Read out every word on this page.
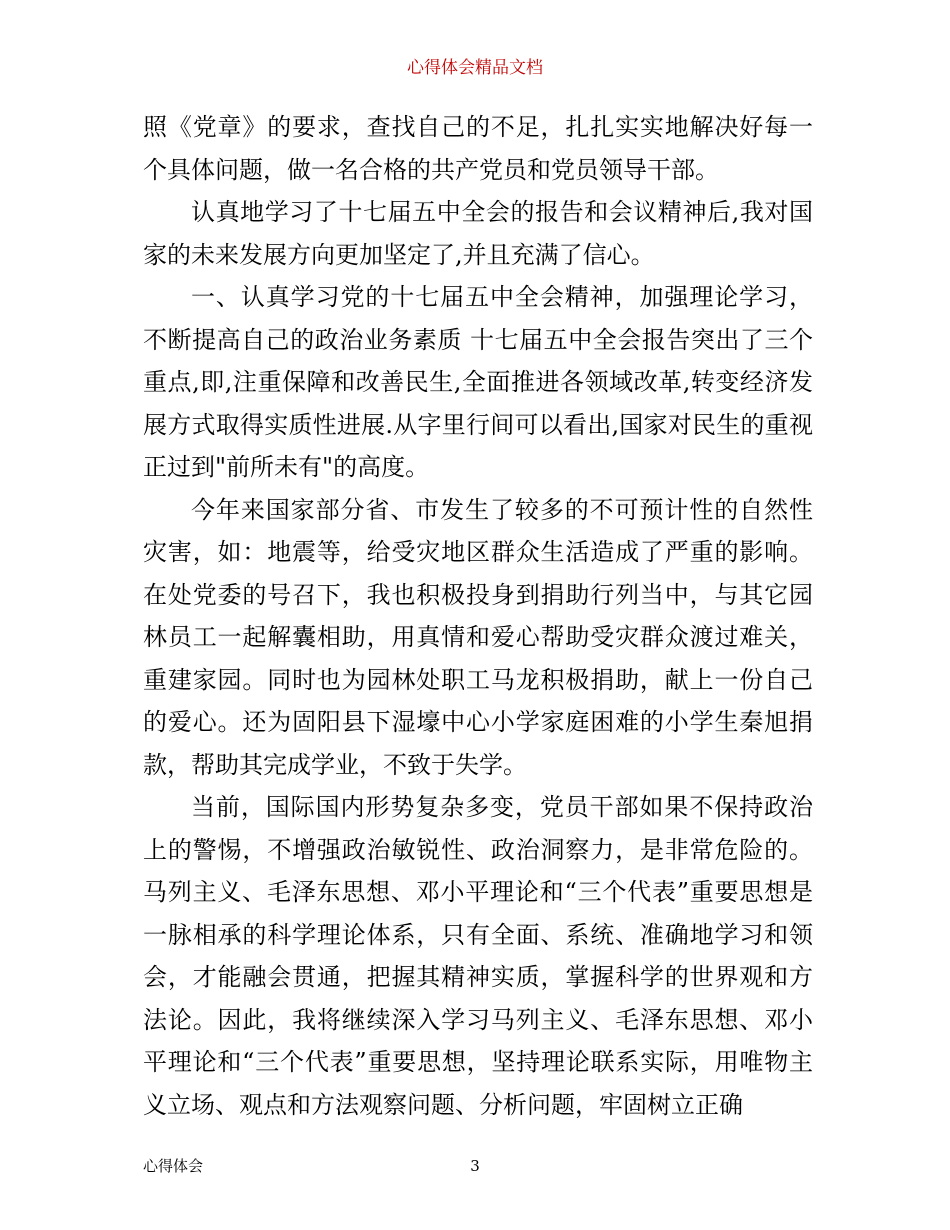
心得体会精品文档

照《党章》的要求，查找自己的不足，扎扎实实地解决好每一个具体问题，做一名合格的共产党员和党员领导干部。

认真地学习了十七届五中全会的报告和会议精神后,我对国家的未来发展方向更加坚定了,并且充满了信心。

一、认真学习党的十七届五中全会精神，加强理论学习，不断提高自己的政治业务素质 十七届五中全会报告突出了三个重点,即,注重保障和改善民生,全面推进各领域改革,转变经济发展方式取得实质性进展.从字里行间可以看出,国家对民生的重视正过到"前所未有"的高度。

今年来国家部分省、市发生了较多的不可预计性的自然性灾害，如：地震等，给受灾地区群众生活造成了严重的影响。在处党委的号召下，我也积极投身到捐助行列当中，与其它园林员工一起解囊相助，用真情和爱心帮助受灾群众渡过难关，重建家园。同时也为园林处职工马龙积极捐助，献上一份自己的爱心。还为固阳县下湿壕中心小学家庭困难的小学生秦旭捐款，帮助其完成学业，不致于失学。

当前，国际国内形势复杂多变，党员干部如果不保持政治上的警惕，不增强政治敏锐性、政治洞察力，是非常危险的。马列主义、毛泽东思想、邓小平理论和“三个代表”重要思想是一脉相承的科学理论体系，只有全面、系统、准确地学习和领会，才能融会贯通，把握其精神实质，掌握科学的世界观和方法论。因此，我将继续深入学习马列主义、毛泽东思想、邓小平理论和“三个代表”重要思想，坚持理论联系实际，用唯物主义立场、观点和方法观察问题、分析问题，牢固树立正确

心得体会	3
